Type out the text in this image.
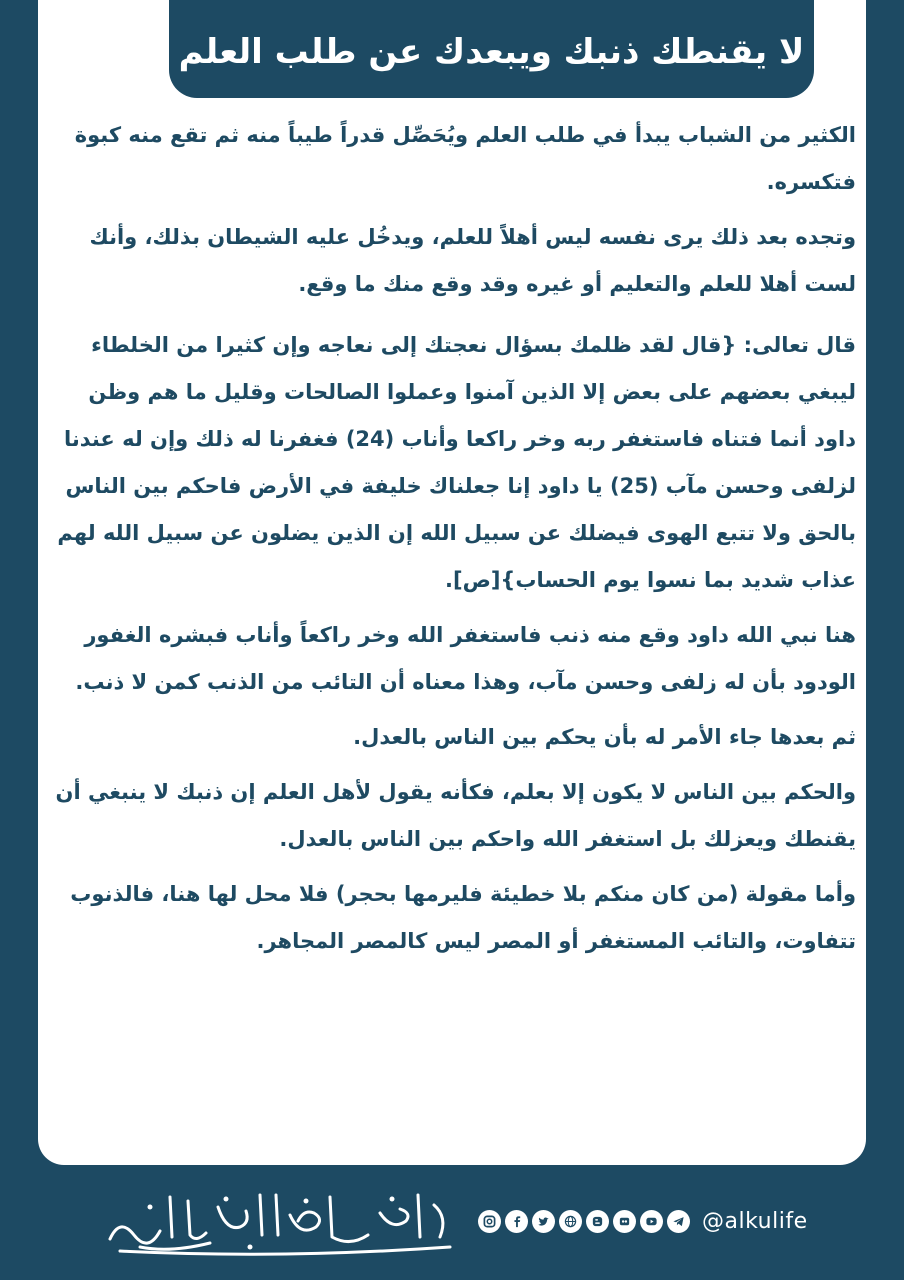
لا يقنطك ذنبك ويبعدك عن طلب العلم

الكثير من الشباب يبدأ في طلب العلم ويُحَصِّل قدراً طيباً منه ثم تقع منه كبوة فتكسره.

وتجده بعد ذلك يرى نفسه ليس أهلاً للعلم، ويدخُل عليه الشيطان بذلك، وأنك لست أهلا للعلم والتعليم أو غيره وقد وقع منك ما وقع.

قال تعالى: {قال لقد ظلمك بسؤال نعجتك إلى نعاجه وإن كثيرا من الخلطاء ليبغي بعضهم على بعض إلا الذين آمنوا وعملوا الصالحات وقليل ما هم وظن داود أنما فتناه فاستغفر ربه وخر راكعا وأناب (24) فغفرنا له ذلك وإن له عندنا لزلفى وحسن مآب (25) يا داود إنا جعلناك خليفة في الأرض فاحكم بين الناس بالحق ولا تتبع الهوى فيضلك عن سبيل الله إن الذين يضلون عن سبيل الله لهم عذاب شديد بما نسوا يوم الحساب}[ص].

هنا نبي الله داود وقع منه ذنب فاستغفر الله وخر راكعاً وأناب فبشره الغفور الودود بأن له زلفى وحسن مآب، وهذا معناه أن التائب من الذنب كمن لا ذنب.

ثم بعدها جاء الأمر له بأن يحكم بين الناس بالعدل.

والحكم بين الناس لا يكون إلا بعلم، فكأنه يقول لأهل العلم إن ذنبك لا ينبغي أن يقنطك ويعزلك بل استغفر الله واحكم بين الناس بالعدل.

وأما مقولة (من كان منكم بلا خطيئة فليرمها بحجر) فلا محل لها هنا، فالذنوب تتفاوت، والتائب المستغفر أو المصر ليس كالمصر المجاهر.

@alkulife
